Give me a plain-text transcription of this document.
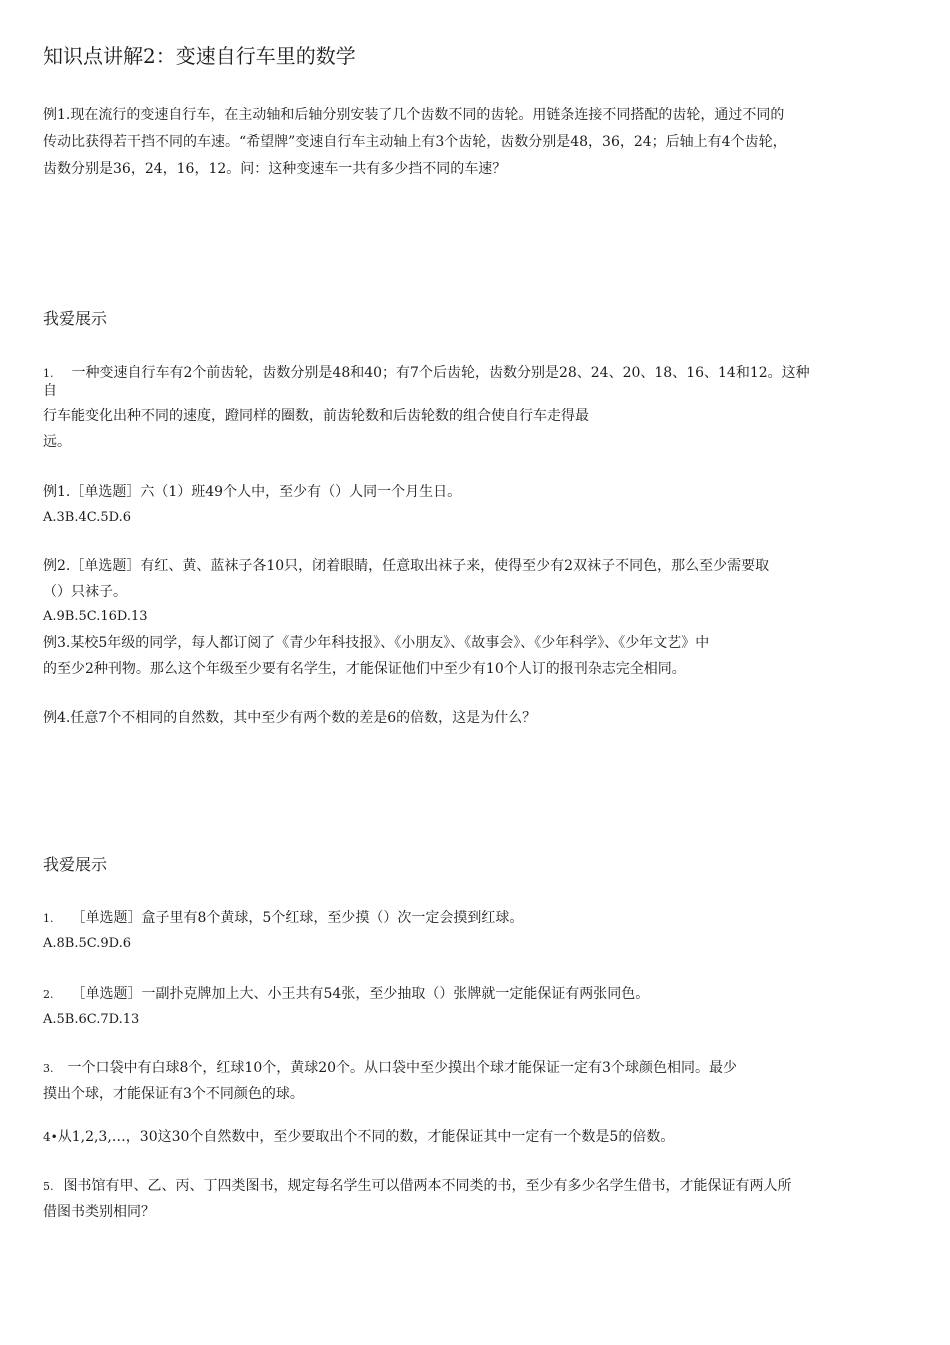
知识点讲解2：变速自行车里的数学
例1.现在流行的变速自行车，在主动轴和后轴分别安装了几个齿数不同的齿轮。用链条连接不同搭配的齿轮，通过不同的
传动比获得若干挡不同的车速。“希望牌”变速自行车主动轴上有3个齿轮，齿数分别是48，36，24；后轴上有4个齿轮，
齿数分别是36，24，16，12。问：这种变速车一共有多少挡不同的车速？
我爱展示
1. 一种变速自行车有2个前齿轮，齿数分别是48和40；有7个后齿轮，齿数分别是28、24、20、18、16、14和12。这种
自
行车能变化出种不同的速度，蹬同样的圈数，前齿轮数和后齿轮数的组合使自行车走得最
远。
例1.［单选题］六（1）班49个人中，至少有（）人同一个月生日。
A.3B.4C.5D.6
例2.［单选题］有红、黄、蓝袜子各10只，闭着眼睛，任意取出袜子来，使得至少有2双袜子不同色，那么至少需要取
（）只袜子。
A.9B.5C.16D.13
例3.某校5年级的同学，每人都订阅了《青少年科技报》、《小朋友》、《故事会》、《少年科学》、《少年文艺》中
的至少2种刊物。那么这个年级至少要有名学生，才能保证他们中至少有10个人订的报刊杂志完全相同。
例4.任意7个不相同的自然数，其中至少有两个数的差是6的倍数，这是为什么？
我爱展示
1. ［单选题］盒子里有8个黄球，5个红球，至少摸（）次一定会摸到红球。
A.8B.5C.9D.6
2. ［单选题］一副扑克牌加上大、小王共有54张，至少抽取（）张牌就一定能保证有两张同色。
A.5B.6C.7D.13
3. 一个口袋中有白球8个，红球10个，黄球20个。从口袋中至少摸出个球才能保证一定有3个球颜色相同。最少
摸出个球，才能保证有3个不同颜色的球。
4•从1,2,3,…，30这30个自然数中，至少要取出个不同的数，才能保证其中一定有一个数是5的倍数。
5. 图书馆有甲、乙、丙、丁四类图书，规定每名学生可以借两本不同类的书，至少有多少名学生借书，才能保证有两人所
借图书类别相同？
